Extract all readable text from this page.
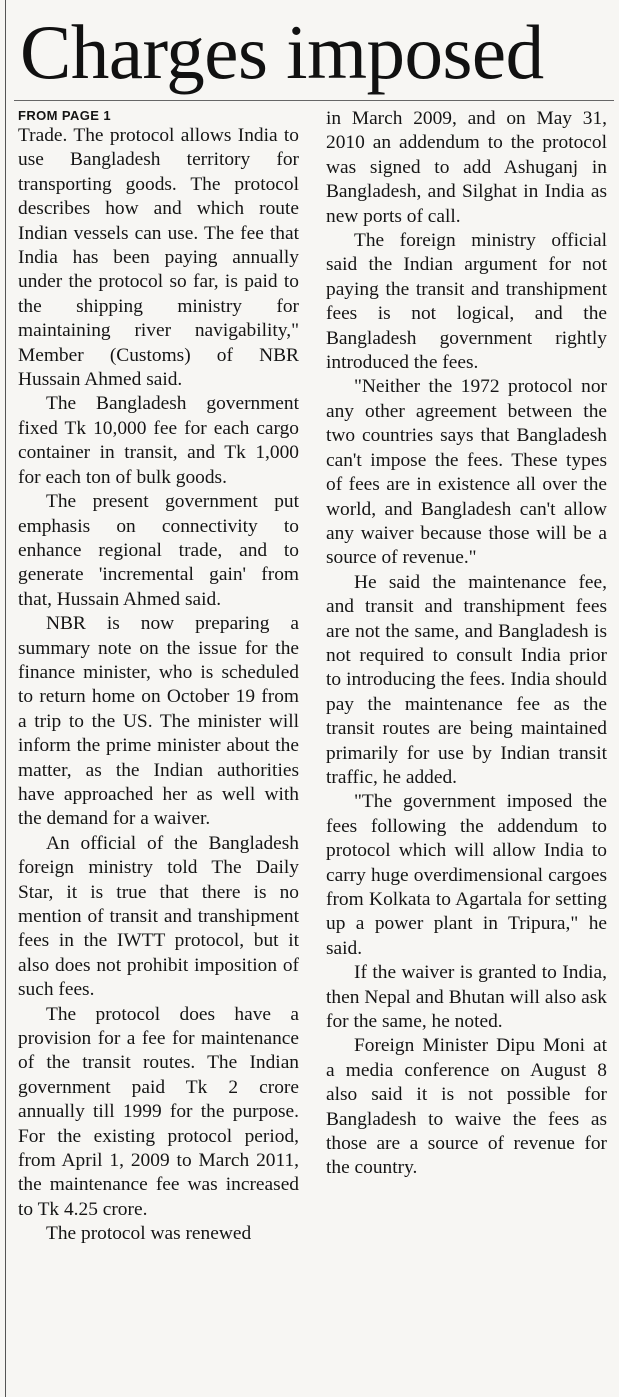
Charges imposed
FROM PAGE 1

Trade. The protocol allows India to use Bangladesh territory for transporting goods. The protocol describes how and which route Indian vessels can use. The fee that India has been paying annually under the protocol so far, is paid to the shipping ministry for maintaining river navigability," Member (Customs) of NBR Hussain Ahmed said.

The Bangladesh government fixed Tk 10,000 fee for each cargo container in transit, and Tk 1,000 for each ton of bulk goods.

The present government put emphasis on connectivity to enhance regional trade, and to generate 'incremental gain' from that, Hussain Ahmed said.

NBR is now preparing a summary note on the issue for the finance minister, who is scheduled to return home on October 19 from a trip to the US. The minister will inform the prime minister about the matter, as the Indian authorities have approached her as well with the demand for a waiver.

An official of the Bangladesh foreign ministry told The Daily Star, it is true that there is no mention of transit and transhipment fees in the IWTT protocol, but it also does not prohibit imposition of such fees.

The protocol does have a provision for a fee for maintenance of the transit routes. The Indian government paid Tk 2 crore annually till 1999 for the purpose. For the existing protocol period, from April 1, 2009 to March 2011, the maintenance fee was increased to Tk 4.25 crore.

The protocol was renewed

in March 2009, and on May 31, 2010 an addendum to the protocol was signed to add Ashuganj in Bangladesh, and Silghat in India as new ports of call.

The foreign ministry official said the Indian argument for not paying the transit and transhipment fees is not logical, and the Bangladesh government rightly introduced the fees.

"Neither the 1972 protocol nor any other agreement between the two countries says that Bangladesh can't impose the fees. These types of fees are in existence all over the world, and Bangladesh can't allow any waiver because those will be a source of revenue."

He said the maintenance fee, and transit and transhipment fees are not the same, and Bangladesh is not required to consult India prior to introducing the fees. India should pay the maintenance fee as the transit routes are being maintained primarily for use by Indian transit traffic, he added.

"The government imposed the fees following the addendum to protocol which will allow India to carry huge overdimensional cargoes from Kolkata to Agartala for setting up a power plant in Tripura," he said.

If the waiver is granted to India, then Nepal and Bhutan will also ask for the same, he noted.

Foreign Minister Dipu Moni at a media conference on August 8 also said it is not possible for Bangladesh to waive the fees as those are a source of revenue for the country.
